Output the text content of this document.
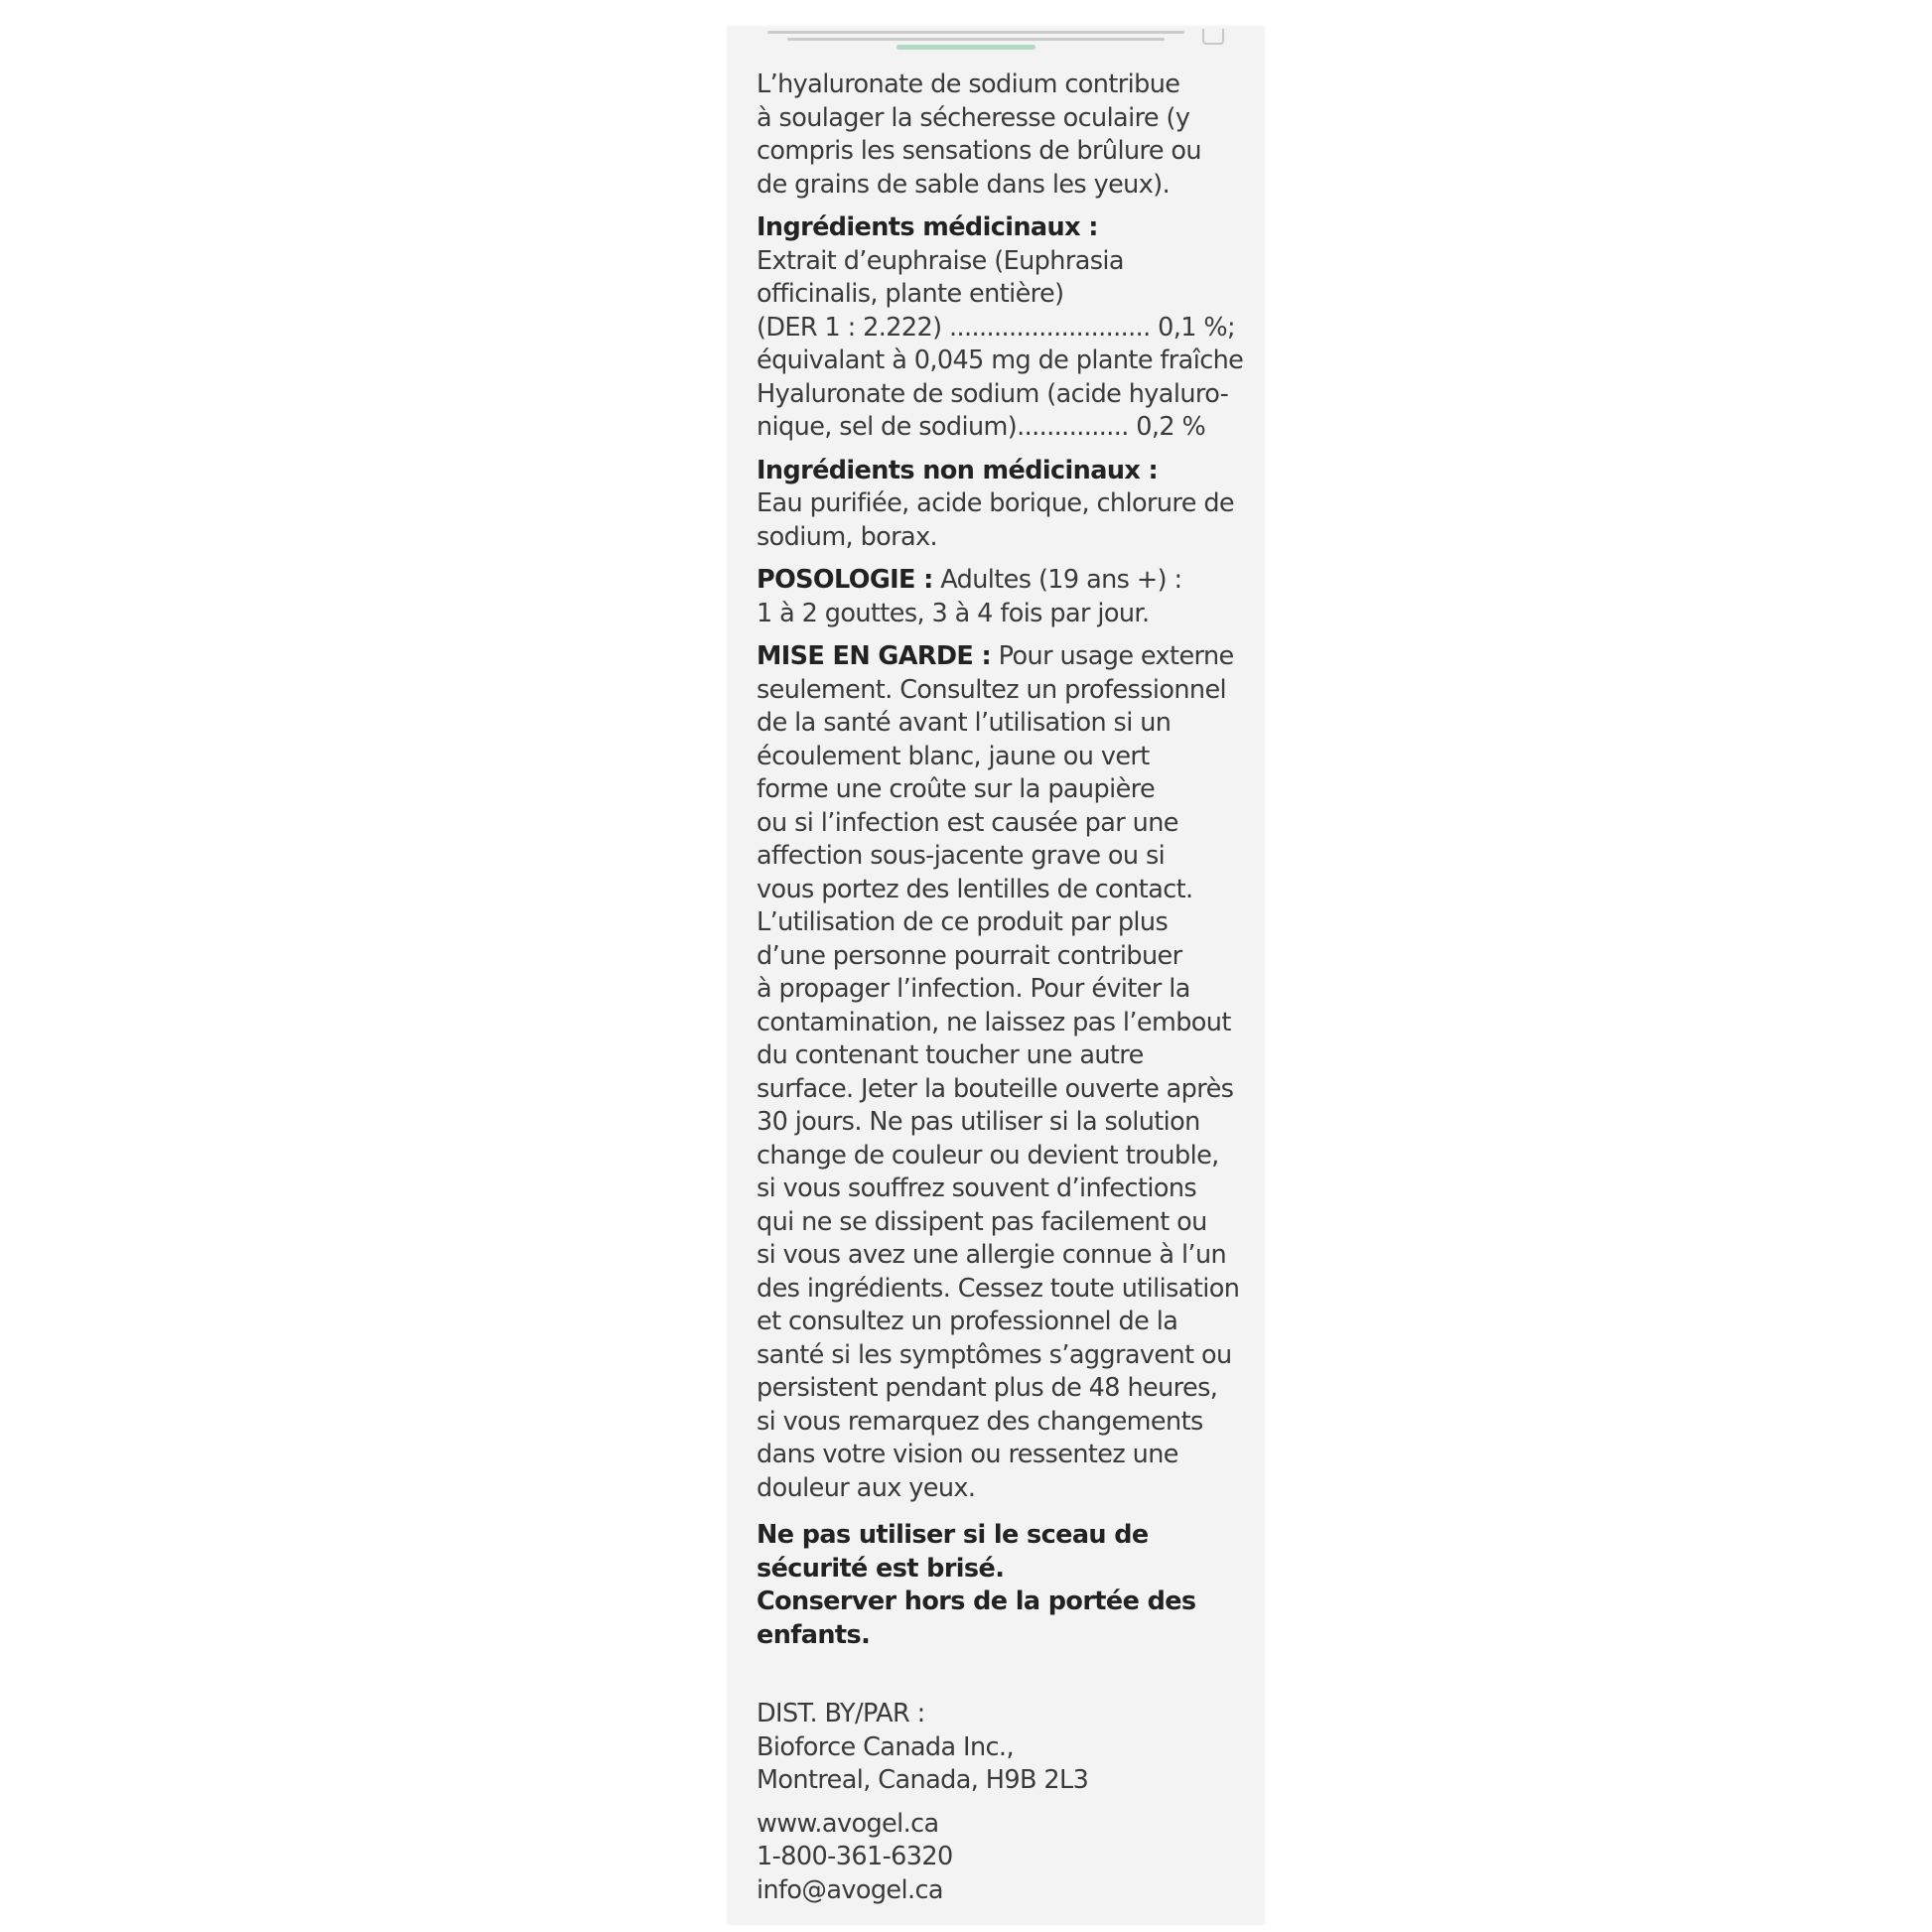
L’hyaluronate de sodium contribue
à soulager la sécheresse oculaire (y
compris les sensations de brûlure ou
de grains de sable dans les yeux).
Ingrédients médicinaux :
Extrait d’euphraise (Euphrasia
officinalis, plante entière)
(DER 1 : 2.222) ........................... 0,1 %;
équivalant à 0,045 mg de plante fraîche
Hyaluronate de sodium (acide hyaluro-
nique, sel de sodium)............... 0,2 %
Ingrédients non médicinaux :
Eau purifiée, acide borique, chlorure de
sodium, borax.
POSOLOGIE : Adultes (19 ans +) :
1 à 2 gouttes, 3 à 4 fois par jour.
MISE EN GARDE : Pour usage externe
seulement. Consultez un professionnel
de la santé avant l’utilisation si un
écoulement blanc, jaune ou vert
forme une croûte sur la paupière
ou si l’infection est causée par une
affection sous-jacente grave ou si
vous portez des lentilles de contact.
L’utilisation de ce produit par plus
d’une personne pourrait contribuer
à propager l’infection. Pour éviter la
contamination, ne laissez pas l’embout
du contenant toucher une autre
surface. Jeter la bouteille ouverte après
30 jours. Ne pas utiliser si la solution
change de couleur ou devient trouble,
si vous souffrez souvent d’infections
qui ne se dissipent pas facilement ou
si vous avez une allergie connue à l’un
des ingrédients. Cessez toute utilisation
et consultez un professionnel de la
santé si les symptômes s’aggravent ou
persistent pendant plus de 48 heures,
si vous remarquez des changements
dans votre vision ou ressentez une
douleur aux yeux.
Ne pas utiliser si le sceau de
sécurité est brisé.
Conserver hors de la portée des
enfants.
DIST. BY/PAR :
Bioforce Canada Inc.,
Montreal, Canada, H9B 2L3
www.avogel.ca
1-800-361-6320
info@avogel.ca
